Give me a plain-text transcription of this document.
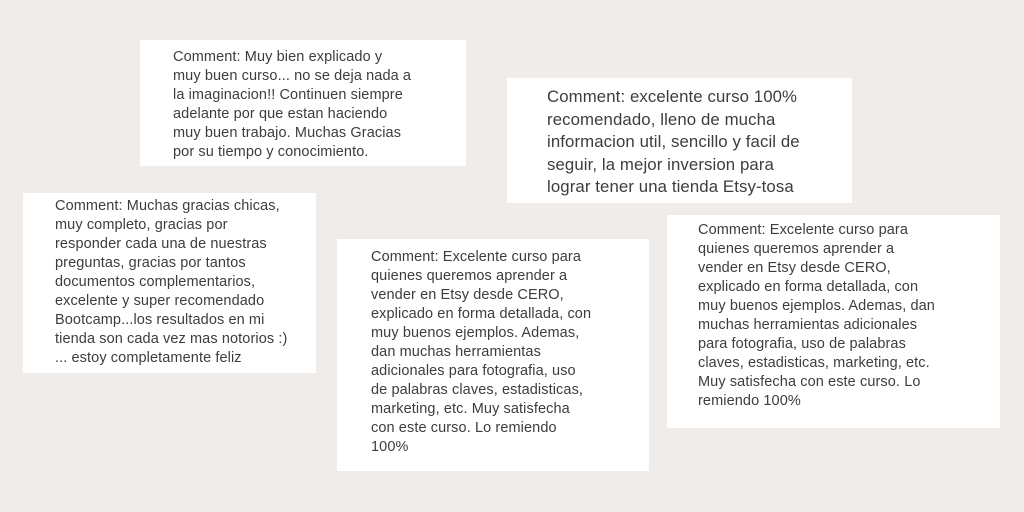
Comment: Muy bien explicado y
muy buen curso... no se deja nada a
la imaginacion!! Continuen siempre
adelante por que estan haciendo
muy buen trabajo. Muchas Gracias
por su tiempo y conocimiento.

Comment: excelente curso 100%
recomendado, lleno de mucha
informacion util, sencillo y facil de
seguir, la mejor inversion para
lograr tener una tienda Etsy-tosa

Comment: Muchas gracias chicas,
muy completo, gracias por
responder cada una de nuestras
preguntas, gracias por tantos
documentos complementarios,
excelente y super recomendado
Bootcamp...los resultados en mi
tienda son cada vez mas notorios :)
... estoy completamente feliz

Comment: Excelente curso para
quienes queremos aprender a
vender en Etsy desde CERO,
explicado en forma detallada, con
muy buenos ejemplos. Ademas,
dan muchas herramientas
adicionales para fotografia, uso
de palabras claves, estadisticas,
marketing, etc. Muy satisfecha
con este curso. Lo remiendo
100%

Comment: Excelente curso para
quienes queremos aprender a
vender en Etsy desde CERO,
explicado en forma detallada, con
muy buenos ejemplos. Ademas, dan
muchas herramientas adicionales
para fotografia, uso de palabras
claves, estadisticas, marketing, etc.
Muy satisfecha con este curso. Lo
remiendo 100%
